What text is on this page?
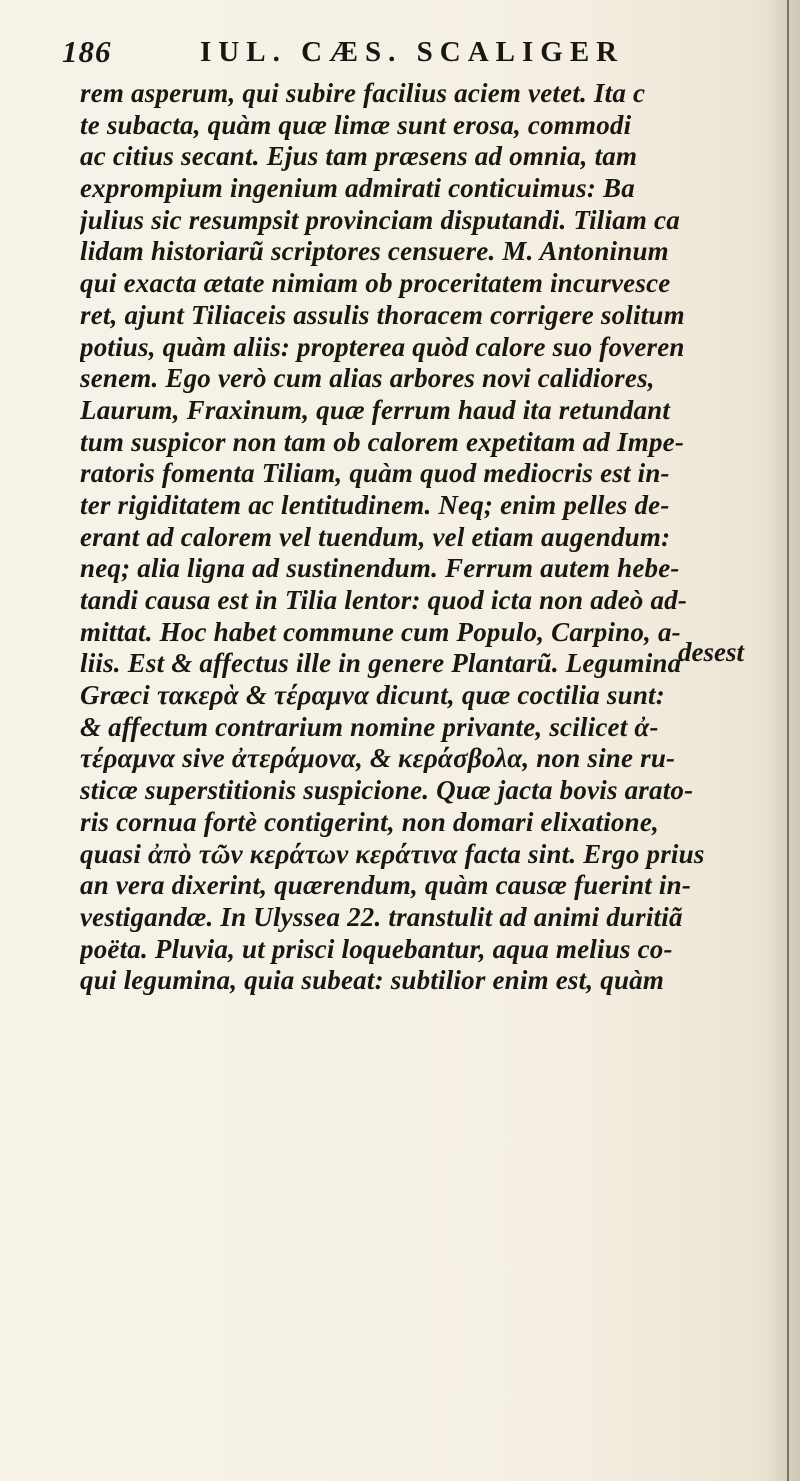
186	IUL. CÆS. SCALIGER
rem asperum, qui subire facilius aciem vetet. Ita c
te subacta, quàm quæ limæ sunt erosa, commodi
ac citius secant. Ejus tam præsens ad omnia, tam
exprompium ingenium admirati conticuimus: Ba
julius sic resumpsit provinciam disputandi. Tiliam ca
lidam historiarũ scriptores censuere. M. Antoninum
qui exacta ætate nimiam ob proceritatem incurvesce
ret, ajunt Tiliaceis assulis thoracem corrigere solitum
potius, quàm aliis: propterea quòd calore suo foveren
senem. Ego verò cum alias arbores novi calidiores,
Laurum, Fraxinum, quæ ferrum haud ita retundant
tum suspicor non tam ob calorem expetitam ad Impe-
ratoris fomenta Tiliam, quàm quod mediocris est in-
ter rigiditatem ac lentitudinem. Neq; enim pelles de-
erant ad calorem vel tuendum, vel etiam augendum:
neq; alia ligna ad sustinendum. Ferrum autem hebe-
tandi causa est in Tilia lentor: quod icta non adeò ad-
mittat. Hoc habet commune cum Populo, Carpino, a-
liis. Est & affectus ille in genere Plantarũ. Legumina
Græci τακερὰ & τέραμνα dicunt, quæ coctilia sunt:
& affectum contrarium nomine privante, scilicet ἀ-
τέραμνα sive ἀτεράμονα, & κεράσβολα, non sine ru-
sticæ superstitionis suspicione. Quæ jacta bovis arato-
ris cornua fortè contigerint, non domari elixatione,
quasi ἀπὸ τῶν κεράτων κεράτινα facta sint. Ergo prius
an vera dixerint, quærendum, quàm causæ fuerint in-
vestigandæ. In Ulyssea 22. transtulit ad animi duritiã
poëta. Pluvia, ut prisci loquebantur, aqua melius co-
qui legumina, quia subeat: subtilior enim est, quàm
desest
